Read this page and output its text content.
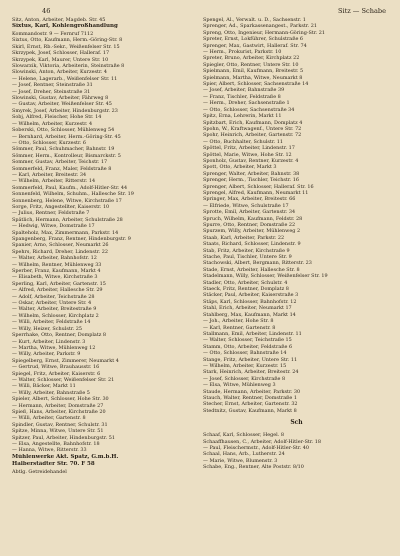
46	Sitz — Schabe
Sitz, Anton, Arbeiter, Magdeb. Str. 45
Sixtus, Karl, Kohlengroßhandlung
Kommandostr. 9 — Fernruf 7112
Sixtus, Otto, Kaufmann, Herm.-Göring-Str. 8
Skirl, Ernst, Rb.-Sekr., Weißenfelser Str. 15
Skrzypek, Josef, Schlosser, Halleraf. 17
Skrzypek, Karl, Maurer, Untere Str. 10
Slowarzik, Viktoria, Arbeiterin, Steinstraße 8
Slowinski, Anton, Arbeiter, Kurzestr. 4
— Helene, Lagerarb., Weißenfelser Str. 11
— Josef, Rentner, Steinstraße 31
— Josef, Dreher, Steinstraße 31
Slowinski, Gustav, Arbeiter, Fährweg 8
— Gustav, Arbeiter, Weißenfelser Str. 45
Smyrek, Josef, Arbeiter, Hindenburgstr. 23
Sobj, Alfred, Fleischer, Hohe Str. 14
— Wilhelm, Arbeiter, Kurzestr. 4
Soberski, Otto, Schlosser, Mühlenweg 54
— Bernhard, Arbeiter, Herm.-Göring-Str. 45
— Otto, Schlosser, Kurzestr. 6
Sömmer, Paul, Schuhmacher, Bahnstr. 19
Sömmer, Herm., Kontrolleur, Bismarckstr. 5
Sommer, Gustav, Arbeiter, Teichstr. 17
Sommerfeld, Franz, Maler, Feldstraße 8
— Karl, Arbeiter, Breitestr. 34
— Wilhelm, Arbeiter, Ritterstr. 14
Sommerfeld, Paul, Kaufm., Adolf-Hitler-Str. 44
Sonnenfeld, Wilhelm, Schuhm., Hallesche Str. 19
Sonnenberg, Helene, Witwe, Kirchstraße 17
Sorge, Fritz, Angestellter, Kaiserstr. 10
— Julius, Rentner, Feldstraße 7
Spätlich, Hermann, Arbeiter, Schulstraße 28
— Hedwig, Witwe, Domstraße 17
Spalteholz, Max, Zimmermann, Parkstr. 14
Spangenberg, Franz, Rentner, Hindenburgstr. 9
Spanier, Arno, Schlosser, Neumarkt 26
Spehrs, Richard, Dreher, Lindenstr. 22
— Walter, Arbeiter, Bahnhofstr. 12
— Wilhelm, Rentner, Mühlenweg 33
Sperber, Franz, Kaufmann, Markt 4
— Elisabeth, Witwe, Kirchstraße 3
Sperling, Karl, Arbeiter, Gartenstr. 15
— Alfred, Arbeiter, Hallesche Str. 29
— Adolf, Arbeiter, Teichstraße 28
— Oskar, Arbeiter, Untere Str. 4
— Walter, Arbeiter, Breitestraße 9
— Wilhelm, Schlosser, Kirchplatz 2
— Willi, Arbeiter, Feldstraße 14
— Willy, Heizer, Schulstr. 25
Sperrhake, Otto, Rentner, Domplatz 8
— Kurt, Arbeiter, Lindenstr. 3
— Martha, Witwe, Mühlenweg 12
— Willy, Arbeiter, Parkstr. 9
Spiegelberg, Ernst, Zimmerer, Neumarkt 4
— Gertrud, Witwe, Brauhausstr. 16
Spiegel, Fritz, Arbeiter, Kaiserstr. 6
— Walter, Schlosser, Weißenfelser Str. 21
— Willi, Bäcker, Markt 11
— Willy, Arbeiter, Bahnstraße 5
Spieler, Albert, Schlosser, Hohe Str. 30
— Hermann, Arbeiter, Domstraße 27
Spieß, Hans, Arbeiter, Kirchstraße 20
— Willi, Arbeiter, Gartenstr. 8
Spindler, Gustav, Rentner, Schulstr. 31
Spitze, Minna, Witwe, Untere Str. 51
Spitzer, Paul, Arbeiter, Hindenburgstr. 51
— Elsa, Angestellte, Bahnhofstr. 18
— Hanna, Witwe, Ritterstr. 33
Mühlenwerke Akt. Spatz, G.m.b.H.
Halberstädter Str. 70. F 58
Abtlg. Getreidehandel
Spengel, Al., Verwalt. u. D., Sachsenstr. 1
Sprenger, Ad., Sparkassenangest., Parkstr. 21
Spreng, Otto, Ingenieur, Hermann-Göring-Str. 21
Spreter, Ernst, Lokführer, Schulstraße 6
Sprenger, Max, Gastwirt, Halleraf. Str. 74
— Herm., Prokurist, Parkstr. 10
Spreter, Bruno, Arbeiter, Kirchplatz 22
Spiegler, Otto, Rentner, Untere Str. 10
Spielmann, Emil, Kaufmann, Breitestr. 5
Spielmann, Martha, Witwe, Neumarkt 8
Spier, Albert, Schlosser, Sachsenstraße 14
— Josef, Arbeiter, Bahnstraße 39
— Franz, Tischler, Feldstraße 8
— Herm., Dreher, Sachsenstraße 1
— Otto, Schlosser, Sachsenstraße 34
Spitz, Erna, Lehrerin, Markt 11
Spitzbart, Erich, Kaufmann, Domplatz 4
Spohn, W., Kraftwagenf., Untere Str. 72
Spohr, Heinrich, Arbeiter, Gartenstr. 72
— Otto, Buchhalter, Schulstr. 11
Spöttel, Fritz, Arbeiter, Lindenstr. 17
Spöttel, Marie, Witwe, Hohe Str. 12
Sponholz, Gustav, Rentner, Kurzestr. 4
Spott, Otto, Arbeiter, Markt 3
Sprenger, Walter, Arbeiter, Bahnstr. 38
Sprenger, Herm., Tischler, Teichstr. 16
Sprenger, Albert, Schlosser, Halleraf. Str. 16
Sprengel, Alfred, Kaufmann, Neumarkt 11
Springer, Max, Arbeiter, Breitestr. 66
— Elfriede, Witwe, Schulstraße 17
Sprotte, Emil, Arbeiter, Gartenstr. 34
Spruch, Wilhelm, Kaufmann, Feldstr. 28
Spurre, Otto, Rentner, Domstraße 22
Spurzem, Willy, Arbeiter, Mühlenweg 2
Staab, Karl, Arbeiter, Parkstr. 22
Staats, Richard, Schlosser, Lindenstr. 9
Stab, Fritz, Arbeiter, Kirchstraße 9
Stache, Paul, Tischler, Untere Str. 9
Stachowski, Albert, Bergmann, Ritterstr. 23
Stade, Ernst, Arbeiter, Hallesche Str. 8
Stadelmann, Willy, Schlosser, Weißenfelser Str. 19
Stadler, Otto, Arbeiter, Schulstr. 4
Staeck, Fritz, Rentner, Domplatz 8
Stäcker, Paul, Arbeiter, Kaiserstraße 3
Stäps, Karl, Schlosser, Bahnhofstr. 12
Stahl, Erich, Arbeiter, Neumarkt 17
Stahlberg, Max, Kaufmann, Markt 14
— Joh., Arbeiter, Hohe Str. 8
— Karl, Rentner, Gartenstr. 8
Stallmann, Emil, Arbeiter, Lindenstr. 11
— Walter, Schlosser, Teichstraße 15
Stamm, Otto, Arbeiter, Feldstraße 6
— Otto, Schlosser, Bahnstraße 14
Stange, Fritz, Arbeiter, Untere Str. 11
— Wilhelm, Arbeiter, Kurzestr. 15
Stark, Heinrich, Arbeiter, Breitestr. 24
— Josef, Schlosser, Kirchstraße 8
— Elsa, Witwe, Mühlenweg 3
Staude, Hermann, Arbeiter, Parkstr. 30
Stauch, Walter, Rentner, Domstraße 1
Stecher, Ernst, Arbeiter, Gartenstr. 32
Stedtnitz, Gustav, Kaufmann, Markt 8
Sch
Schaaf, Karl, Schlosser, Hegel. 8
Schaaffhausen, C., Arbeiter, Adolf-Hitler-Str. 18
— Paul, Fleischermstr., Adolf-Hitler-Str. 40
Schaal, Hans, Arb., Lutherstr. 24
— Marie, Witwe, Blumenstr. 3
Schabe, Eng., Rentner, Alte Poststr. 8/10
